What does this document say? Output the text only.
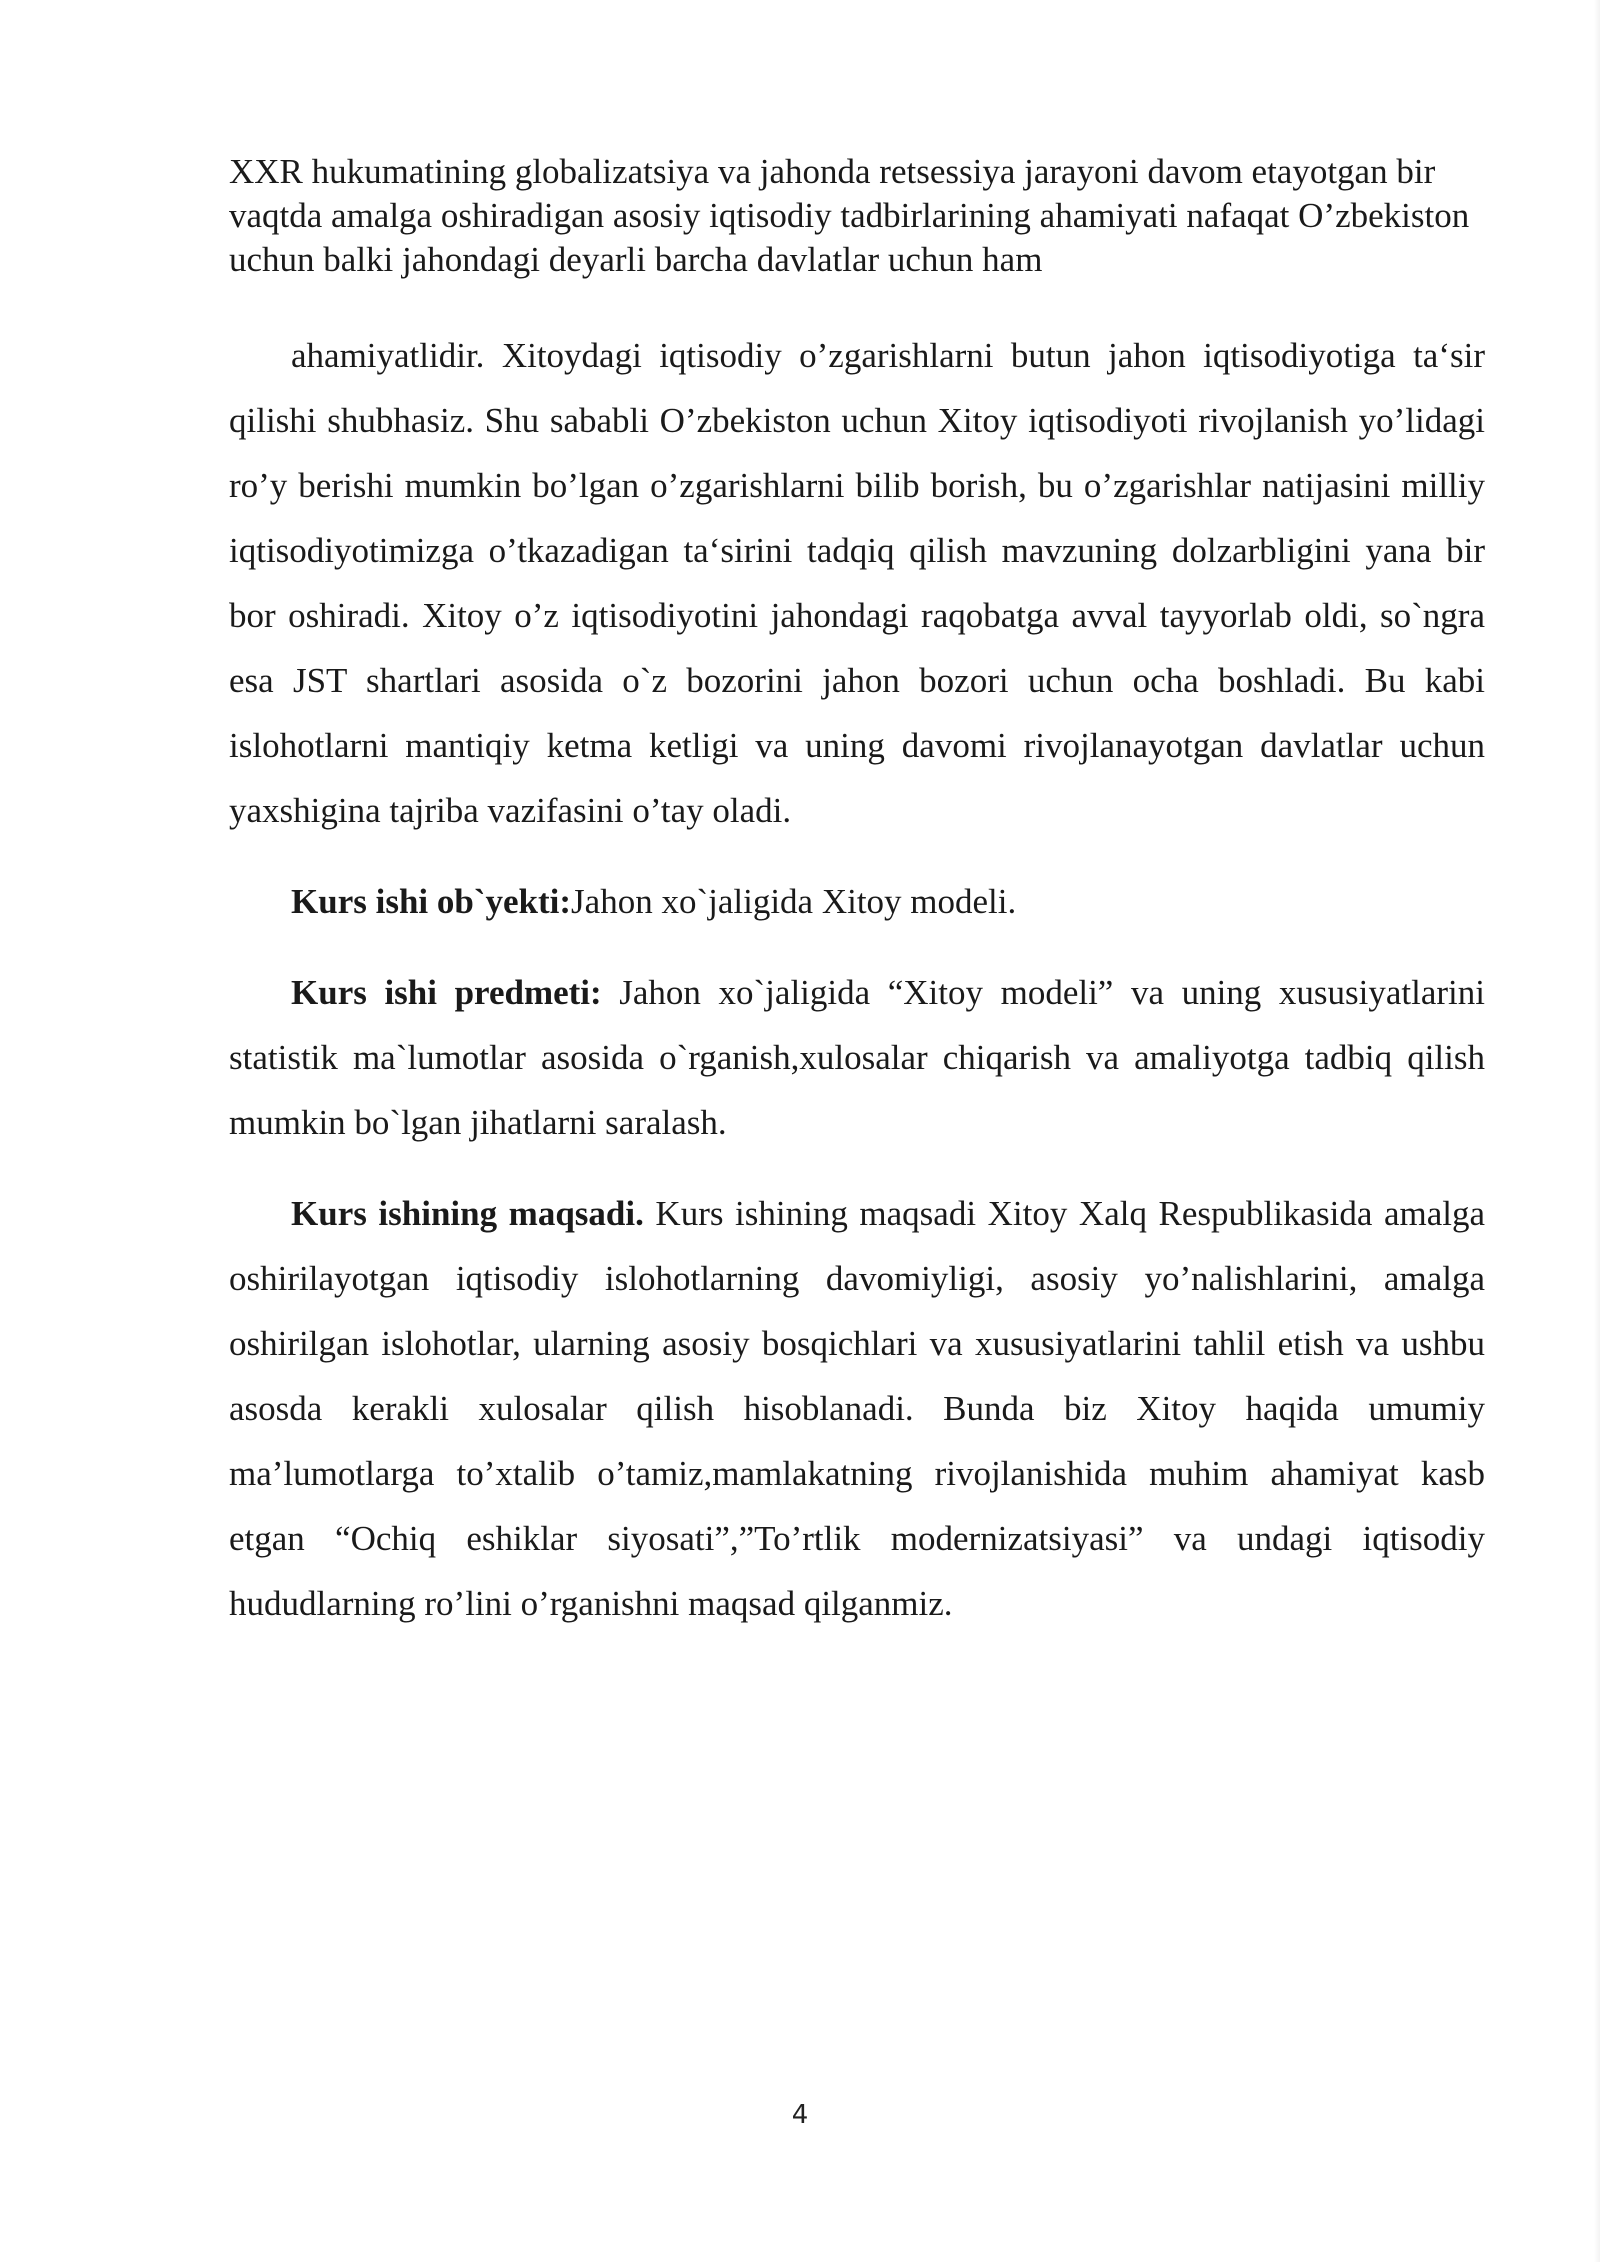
XXR hukumatining globalizatsiya va jahonda retsessiya jarayoni davom etayotgan bir vaqtda amalga oshiradigan asosiy iqtisodiy tadbirlarining ahamiyati nafaqat O’zbekiston uchun balki jahondagi deyarli barcha davlatlar uchun ham

ahamiyatlidir. Xitoydagi iqtisodiy o’zgarishlarni butun jahon iqtisodiyotiga ta‘sir qilishi shubhasiz. Shu sababli O’zbekiston uchun Xitoy iqtisodiyoti rivojlanish yo’lidagi ro’y berishi mumkin bo’lgan o’zgarishlarni bilib borish, bu o’zgarishlar natijasini milliy iqtisodiyotimizga o’tkazadigan ta‘sirini tadqiq qilish mavzuning dolzarbligini yana bir bor oshiradi. Xitoy o’z iqtisodiyotini jahondagi raqobatga avval tayyorlab oldi, so`ngra esa JST shartlari asosida o`z bozorini jahon bozori uchun ocha boshladi. Bu kabi islohotlarni mantiqiy ketma ketligi va uning davomi rivojlanayotgan davlatlar uchun yaxshigina tajriba vazifasini o’tay oladi.

Kurs ishi ob`yekti:Jahon xo`jaligida Xitoy modeli.

Kurs ishi predmeti: Jahon xo`jaligida “Xitoy modeli” va uning xususiyatlarini statistik ma`lumotlar asosida o`rganish,xulosalar chiqarish va amaliyotga tadbiq qilish mumkin bo`lgan jihatlarni saralash.

Kurs ishining maqsadi. Kurs ishining maqsadi Xitoy Xalq Respublikasida amalga oshirilayotgan iqtisodiy islohotlarning davomiyligi, asosiy yo’nalishlarini, amalga oshirilgan islohotlar, ularning asosiy bosqichlari va xususiyatlarini tahlil etish va ushbu asosda kerakli xulosalar qilish hisoblanadi. Bunda biz Xitoy haqida umumiy ma’lumotlarga to’xtalib o’tamiz,mamlakatning rivojlanishida muhim ahamiyat kasb etgan “Ochiq eshiklar siyosati”,”To’rtlik modernizatsiyasi” va undagi iqtisodiy hududlarning ro’lini o’rganishni maqsad qilganmiz.

4
